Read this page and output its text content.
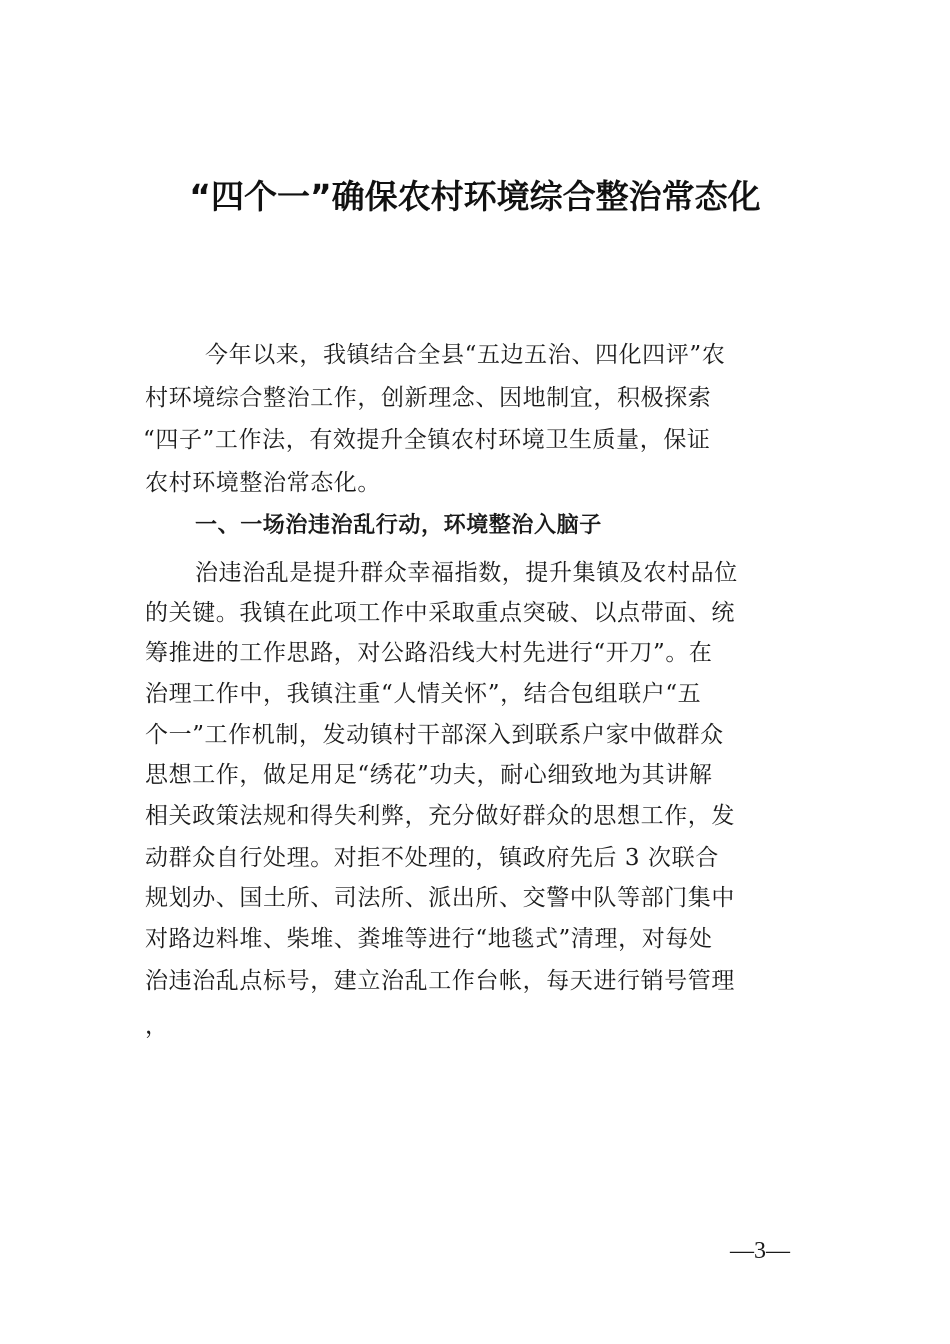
“四个一”确保农村环境综合整治常态化
今年以来，我镇结合全县“五边五治、四化四评”农
村环境综合整治工作，创新理念、因地制宜，积极探索
“四子”工作法，有效提升全镇农村环境卫生质量，保证
农村环境整治常态化。
一、一场治违治乱行动，环境整治入脑子
治违治乱是提升群众幸福指数，提升集镇及农村品位
的关键。我镇在此项工作中采取重点突破、以点带面、统
筹推进的工作思路，对公路沿线大村先进行“开刀”。在
治理工作中，我镇注重“人情关怀”，结合包组联户“五
个一”工作机制，发动镇村干部深入到联系户家中做群众
思想工作，做足用足“绣花”功夫，耐心细致地为其讲解
相关政策法规和得失利弊，充分做好群众的思想工作，发
动群众自行处理。对拒不处理的，镇政府先后 3 次联合
规划办、国土所、司法所、派出所、交警中队等部门集中
对路边料堆、柴堆、粪堆等进行“地毯式”清理，对每处
治违治乱点标号，建立治乱工作台帐，每天进行销号管理
，
—3—
